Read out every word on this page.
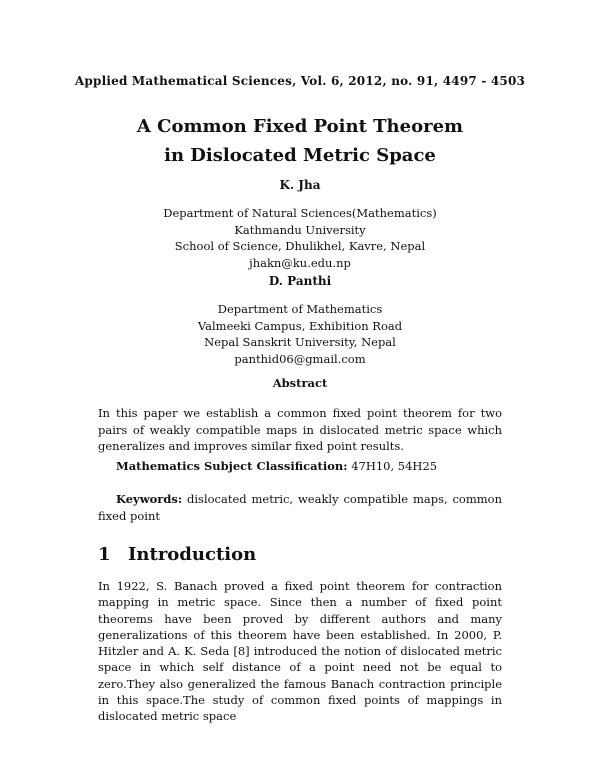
Applied Mathematical Sciences, Vol. 6, 2012, no. 91, 4497 - 4503
A Common Fixed Point Theorem
in Dislocated Metric Space
K. Jha
Department of Natural Sciences(Mathematics)
Kathmandu University
School of Science, Dhulikhel, Kavre, Nepal
jhakn@ku.edu.np
D. Panthi
Department of Mathematics
Valmeeki Campus, Exhibition Road
Nepal Sanskrit University, Nepal
panthid06@gmail.com
Abstract
In this paper we establish a common fixed point theorem for two pairs of weakly compatible maps in dislocated metric space which generalizes and improves similar fixed point results.
Mathematics Subject Classification: 47H10, 54H25
Keywords: dislocated metric, weakly compatible maps, common fixed point
1 Introduction
In 1922, S. Banach proved a fixed point theorem for contraction mapping in metric space. Since then a number of fixed point theorems have been proved by different authors and many generalizations of this theorem have been established. In 2000, P. Hitzler and A. K. Seda [8] introduced the notion of dislocated metric space in which self distance of a point need not be equal to zero.They also generalized the famous Banach contraction principle in this space.The study of common fixed points of mappings in dislocated metric space
